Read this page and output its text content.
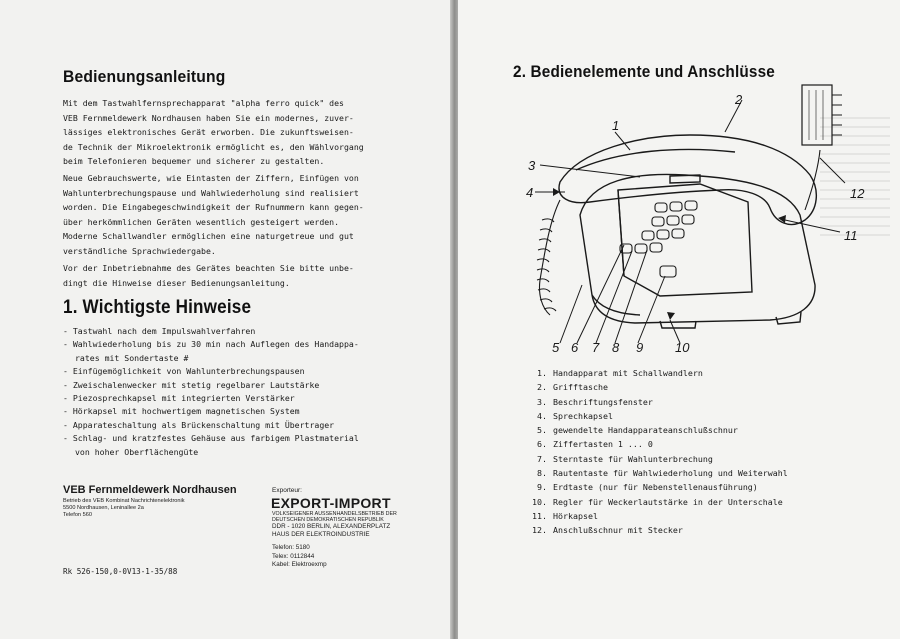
Bedienungsanleitung
Mit dem Tastwahlfernsprechapparat "alpha ferro quick" des
VEB Fernmeldewerk Nordhausen haben Sie ein modernes, zuver-
lässiges elektronisches Gerät erworben. Die zukunftsweisen-
de Technik der Mikroelektronik ermöglicht es, den Wählvorgang
beim Telefonieren bequemer und sicherer zu gestalten.
Neue Gebrauchswerte, wie Eintasten der Ziffern, Einfügen von
Wahlunterbrechungspause und Wahlwiederholung sind realisiert
worden. Die Eingabegeschwindigkeit der Rufnummern kann gegen-
über herkömmlichen Geräten wesentlich gesteigert werden.
Moderne Schallwandler ermöglichen eine naturgetreue und gut
verständliche Sprachwiedergabe.
Vor der Inbetriebnahme des Gerätes beachten Sie bitte unbe-
dingt die Hinweise dieser Bedienungsanleitung.
1. Wichtigste Hinweise
- Tastwahl nach dem Impulswahlverfahren
- Wahlwiederholung bis zu 30 min nach Auflegen des Handappa-
rates mit Sondertaste #
- Einfügemöglichkeit von Wahlunterbrechungspausen
- Zweischalenwecker mit stetig regelbarer Lautstärke
- Piezosprechkapsel mit integrierten Verstärker
- Hörkapsel mit hochwertigem magnetischen System
- Apparateschaltung als Brückenschaltung mit Übertrager
- Schlag- und kratzfestes Gehäuse aus farbigem Plastmaterial
von hoher Oberflächengüte
VEB Fernmeldewerk Nordhausen
Betrieb des VEB Kombinat Nachrichtenelektronik
5500 Nordhausen, Leninallee 2a
Telefon 560
Exporteur:
EXPORT-IMPORT
VOLKSEIGENER AUSSENHANDELSBETRIEB DER
DEUTSCHEN DEMOKRATISCHEN REPUBLIK
DDR - 1020 BERLIN, ALEXANDERPLATZ
HAUS DER ELEKTROINDUSTRIE
Telefon: 5180
Telex: 0112844
Kabel: Elektroexmp
Rk 526-150,0-0V13-1-35/88
2. Bedienelemente und Anschlüsse
1
2
3
4
5 6 7 8 9 10
11
12
1. Handapparat mit Schallwandlern
2. Grifftasche
3. Beschriftungsfenster
4. Sprechkapsel
5. gewendelte Handapparateanschlußschnur
6. Ziffertasten 1 ... 0
7. Sterntaste für Wahlunterbrechung
8. Rautentaste für Wahlwiederholung und Weiterwahl
9. Erdtaste (nur für Nebenstellenausführung)
10. Regler für Weckerlautstärke in der Unterschale
11. Hörkapsel
12. Anschlußschnur mit Stecker
